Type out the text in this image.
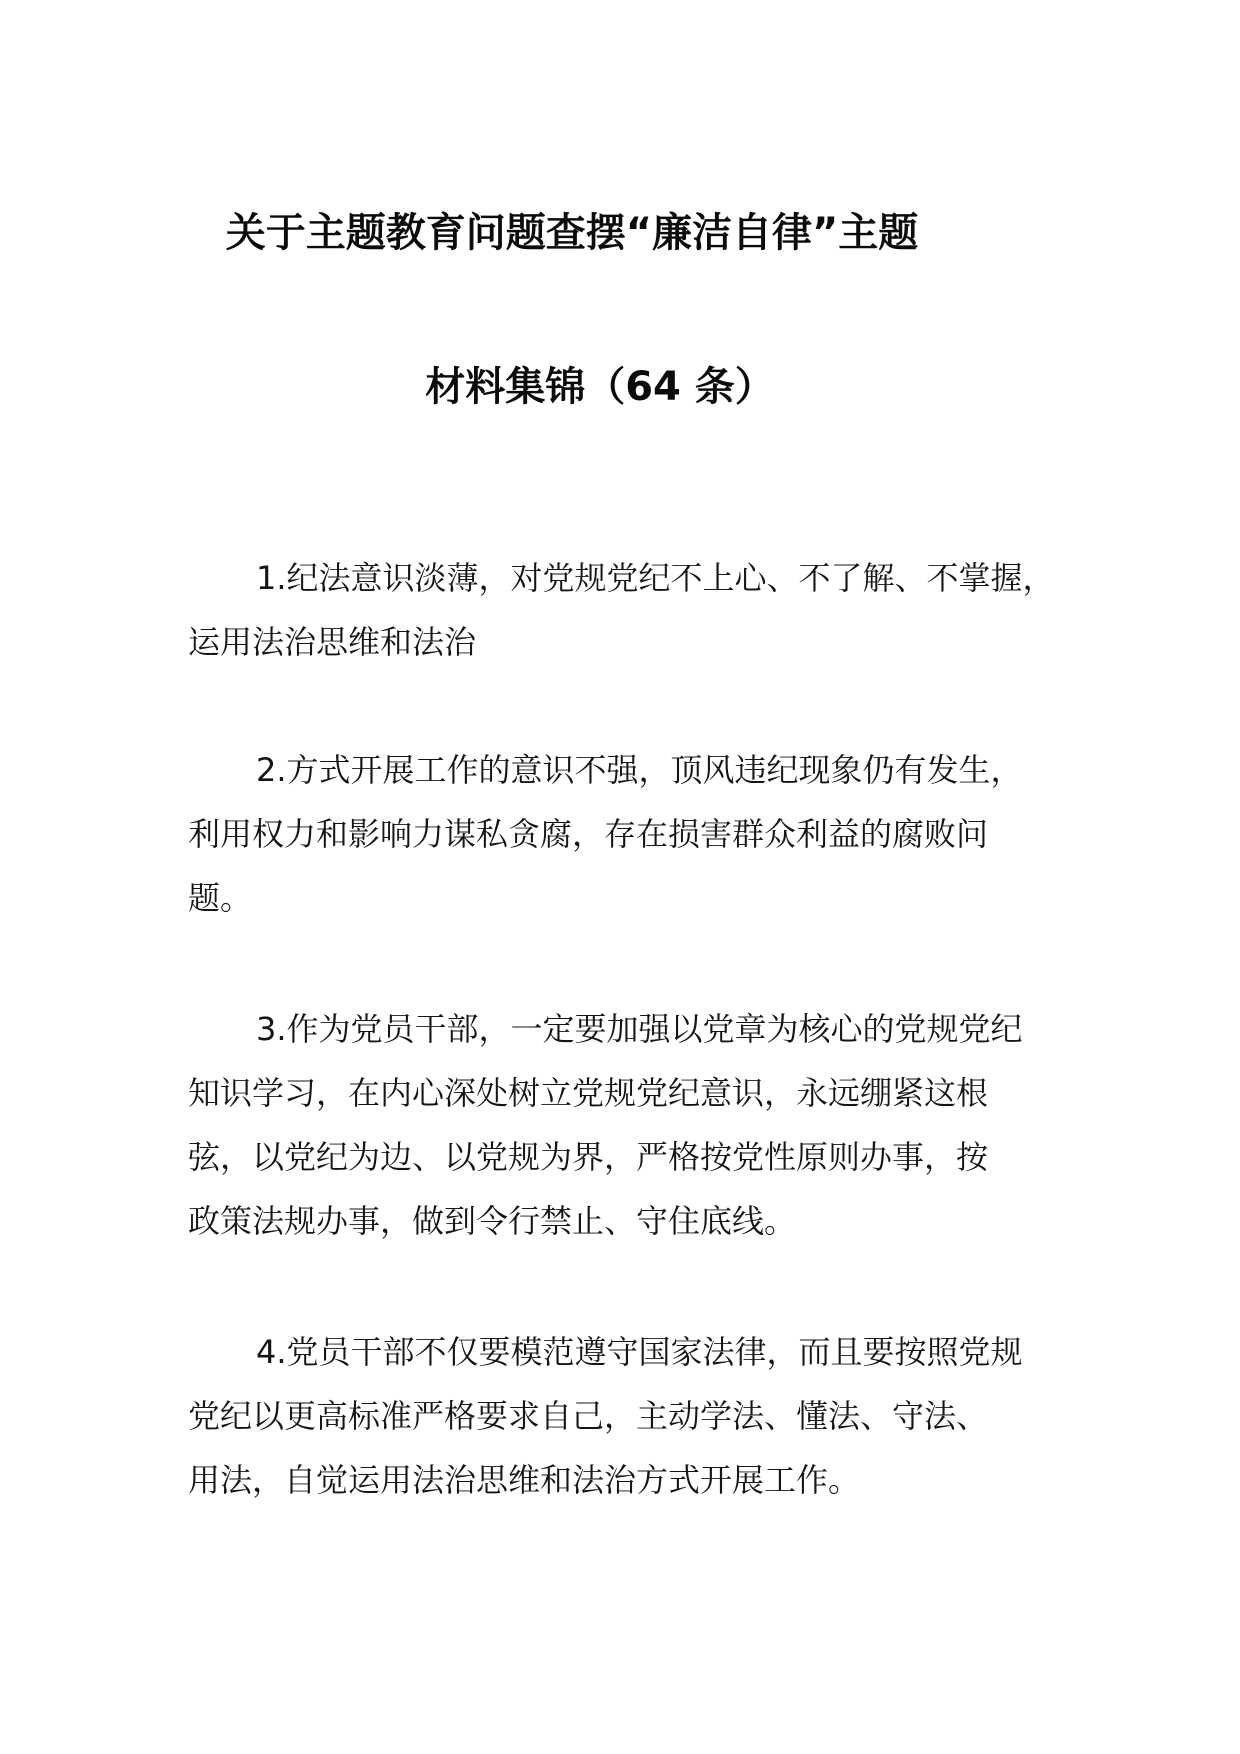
关于主题教育问题查摆“廉洁自律”主题
材料集锦（64 条）
1.纪法意识淡薄，对党规党纪不上心、不了解、不掌握，
运用法治思维和法治
2.方式开展工作的意识不强，顶风违纪现象仍有发生，
利用权力和影响力谋私贪腐，存在损害群众利益的腐败问
题。
3.作为党员干部，一定要加强以党章为核心的党规党纪
知识学习，在内心深处树立党规党纪意识，永远绷紧这根
弦，以党纪为边、以党规为界，严格按党性原则办事，按
政策法规办事，做到令行禁止、守住底线。
4.党员干部不仅要模范遵守国家法律，而且要按照党规
党纪以更高标准严格要求自己，主动学法、懂法、守法、
用法，自觉运用法治思维和法治方式开展工作。
